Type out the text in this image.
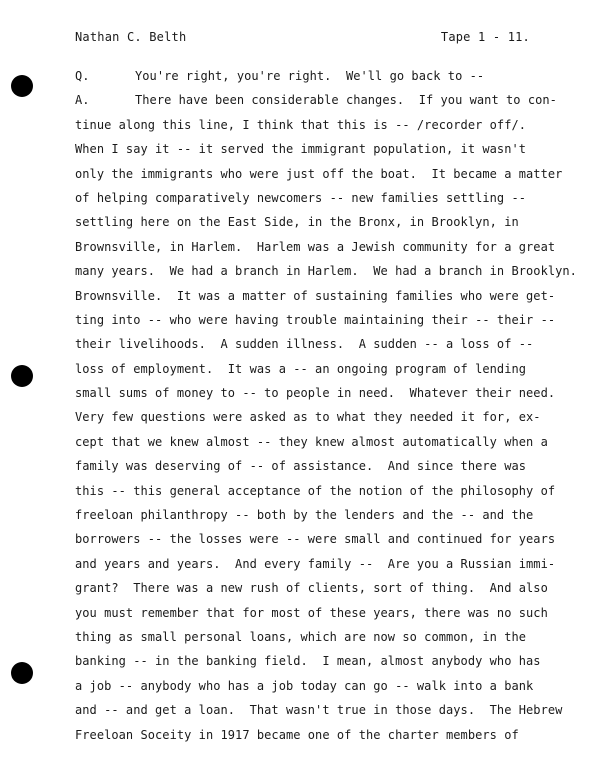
Nathan C. Belth	Tape 1 - 11.
Q.	You're right, you're right.  We'll go back to --
A.	There have been considerable changes.  If you want to con-
tinue along this line, I think that this is -- /recorder off/.
When I say it -- it served the immigrant population, it wasn't
only the immigrants who were just off the boat.  It became a matter
of helping comparatively newcomers -- new families settling --
settling here on the East Side, in the Bronx, in Brooklyn, in
Brownsville, in Harlem.  Harlem was a Jewish community for a great
many years.  We had a branch in Harlem.  We had a branch in Brooklyn.
Brownsville.  It was a matter of sustaining families who were get-
ting into -- who were having trouble maintaining their -- their --
their livelihoods.  A sudden illness.  A sudden -- a loss of --
loss of employment.  It was a -- an ongoing program of lending
small sums of money to -- to people in need.  Whatever their need.
Very few questions were asked as to what they needed it for, ex-
cept that we knew almost -- they knew almost automatically when a
family was deserving of -- of assistance.  And since there was
this -- this general acceptance of the notion of the philosophy of
freeloan philanthropy -- both by the lenders and the -- and the
borrowers -- the losses were -- were small and continued for years
and years and years.  And every family --  Are you a Russian immi-
grant?  There was a new rush of clients, sort of thing.  And also
you must remember that for most of these years, there was no such
thing as small personal loans, which are now so common, in the
banking -- in the banking field.  I mean, almost anybody who has
a job -- anybody who has a job today can go -- walk into a bank
and -- and get a loan.  That wasn't true in those days.  The Hebrew
Freeloan Soceity in 1917 became one of the charter members of
